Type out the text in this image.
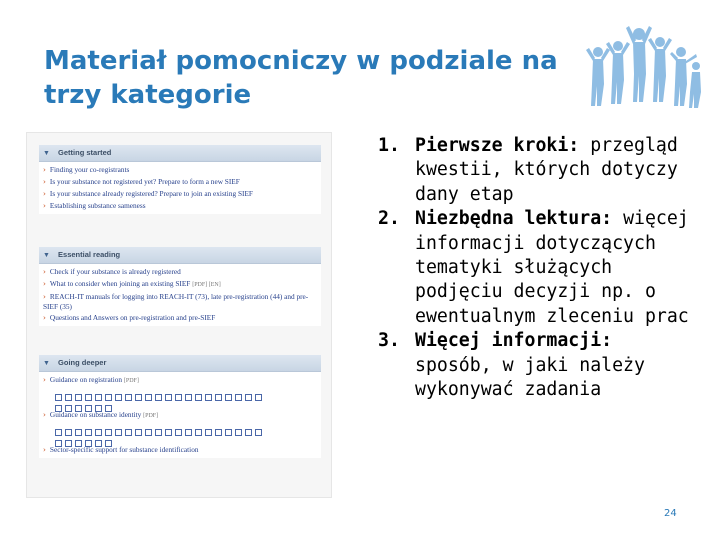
Materiał pomocniczy w podziale na trzy kategorie
▼ Getting started
› Finding your co-registrants
› Is your substance not registered yet? Prepare to form a new SIEF
› Is your substance already registered? Prepare to join an existing SIEF
› Establishing substance sameness
▼ Essential reading
› Check if your substance is already registered
› What to consider when joining an existing SIEF [PDF] [EN]
› REACH-IT manuals for logging into REACH-IT (73), late pre-registration (44) and pre-SIEF (35)
› Questions and Answers on pre-registration and pre-SIEF
▼ Going deeper
› Guidance on registration [PDF]
› Guidance on substance identity [PDF]
› Sector-specific support for substance identification
1. Pierwsze kroki: przegląd kwestii, których dotyczy dany etap
2. Niezbędna lektura: więcej informacji dotyczących tematyki służących podjęciu decyzji np. o ewentualnym zleceniu prac
3. Więcej informacji: sposób, w jaki należy wykonywać zadania
24
